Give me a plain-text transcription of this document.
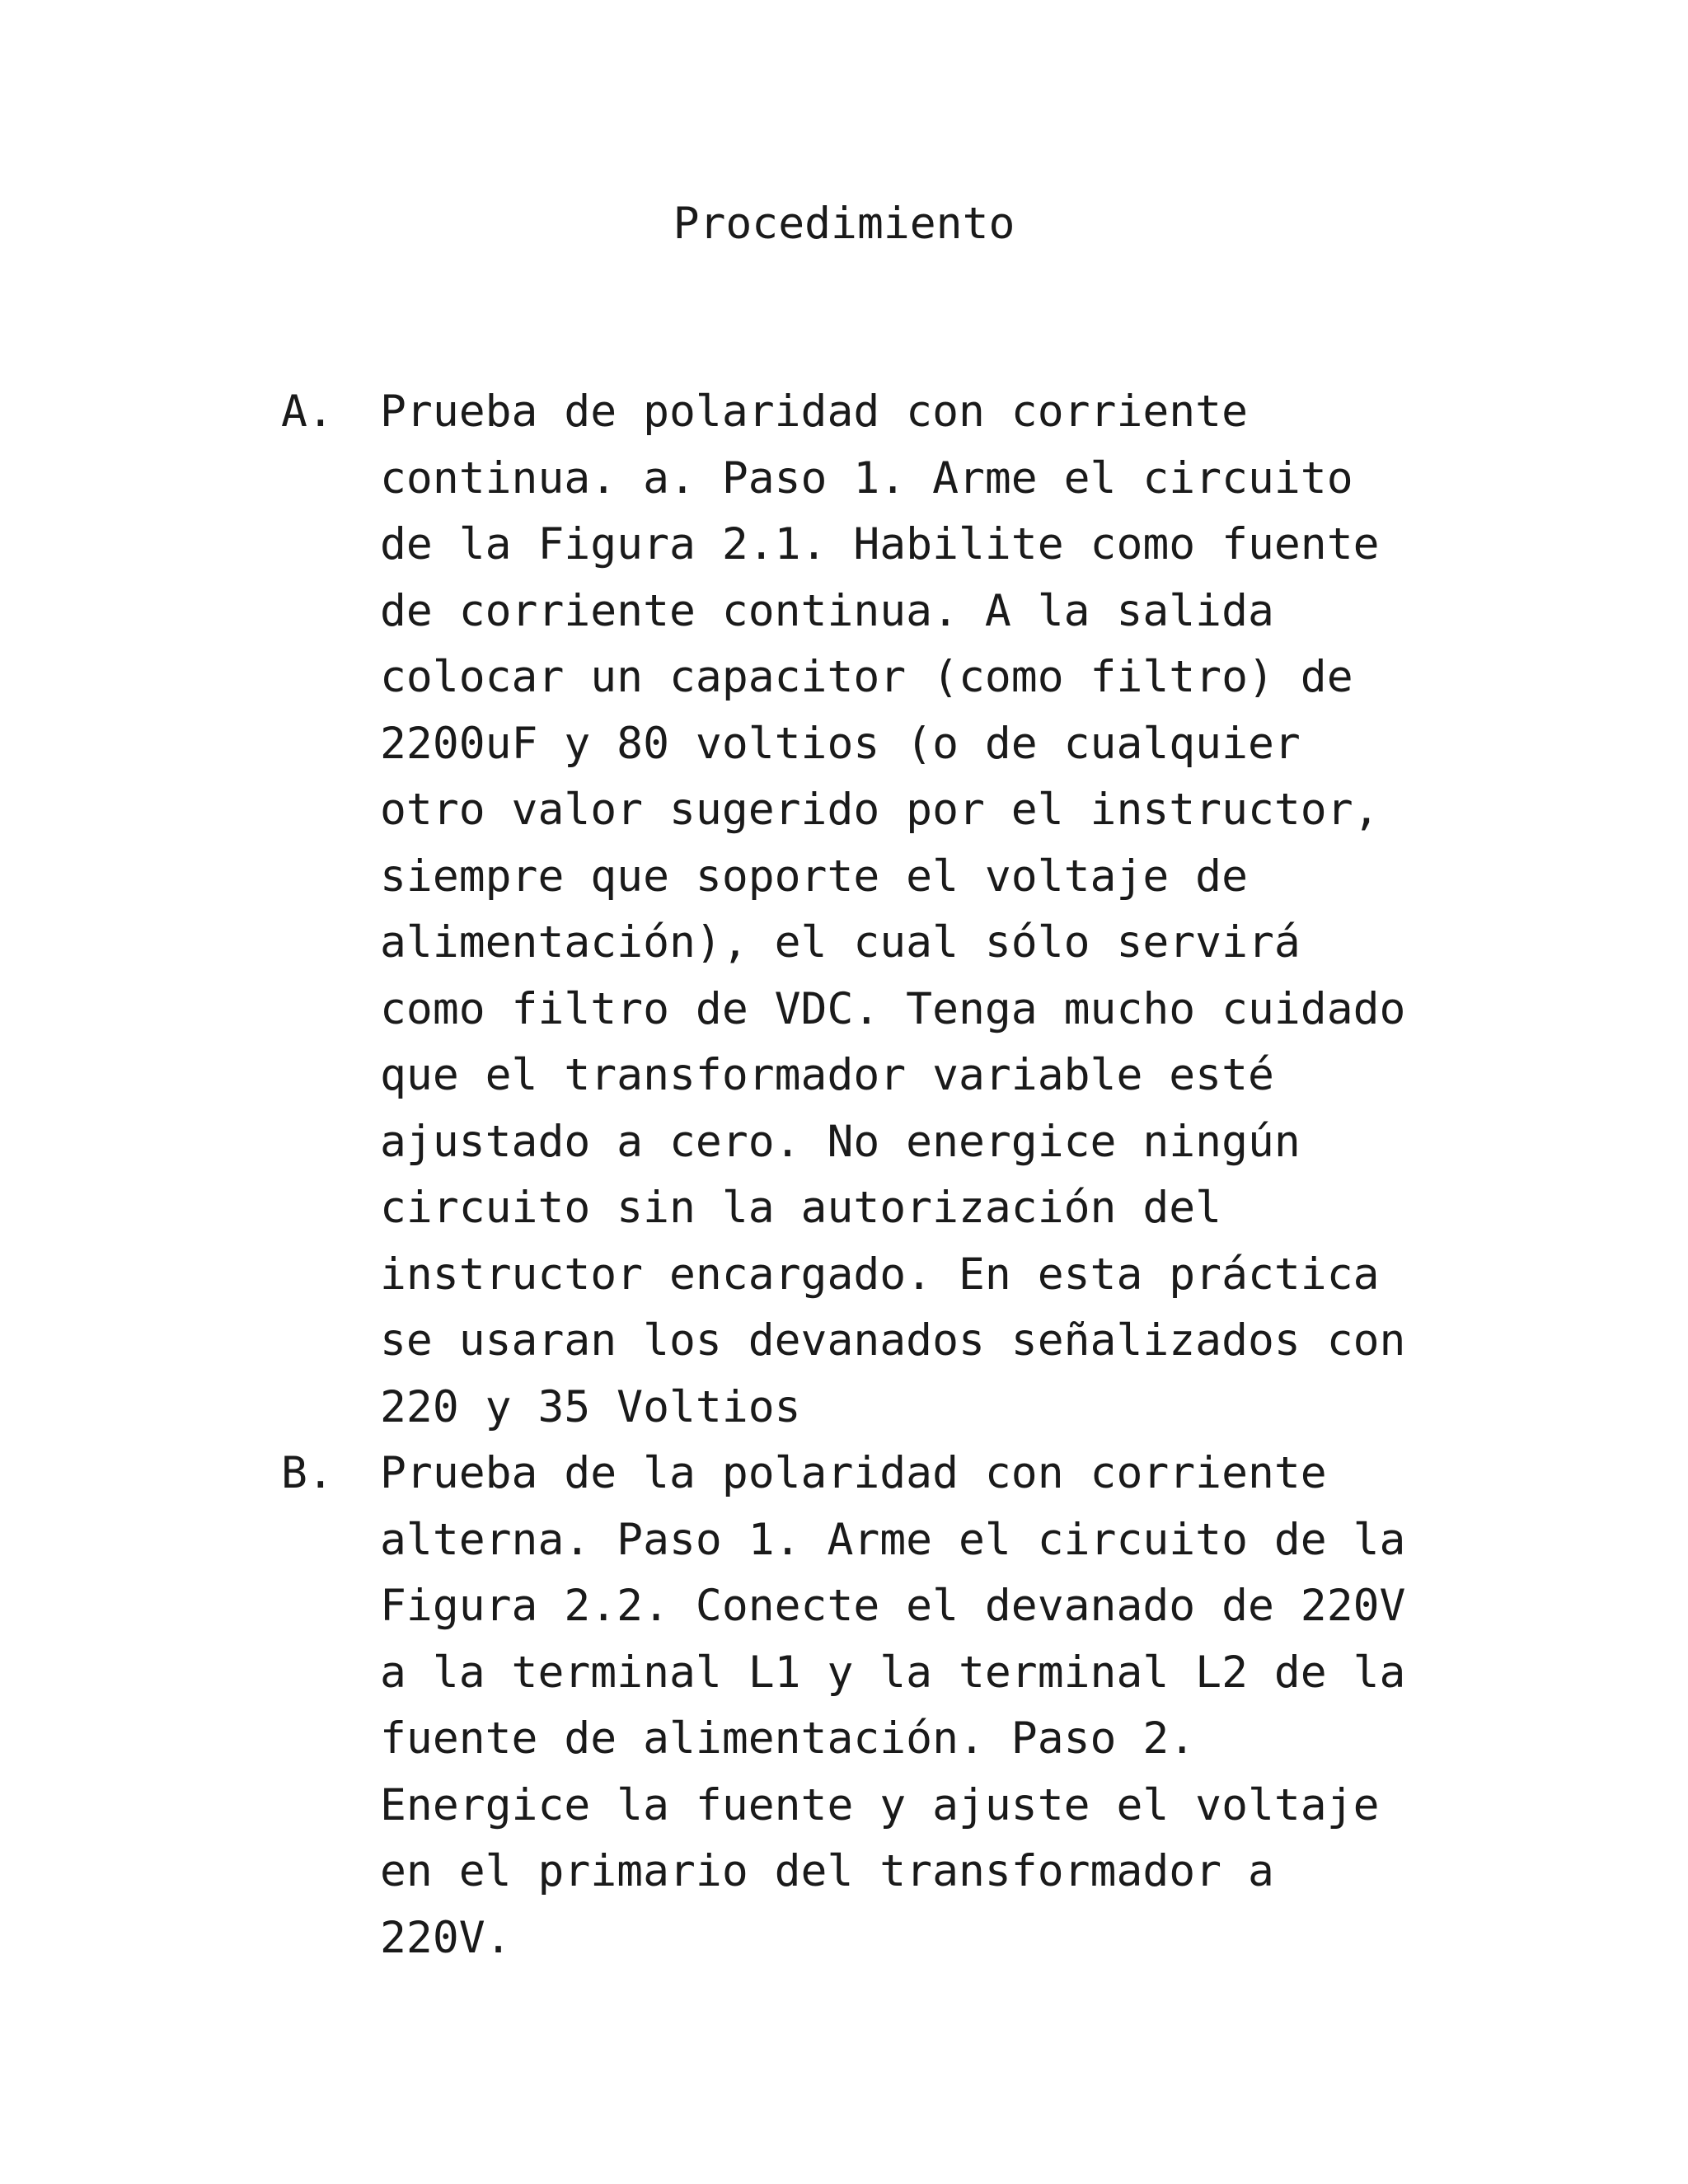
Procedimiento
A. Prueba de polaridad con corriente
continua. a. Paso 1. Arme el circuito
de la Figura 2.1. Habilite como fuente
de corriente continua. A la salida
colocar un capacitor (como filtro) de
2200uF y 80 voltios (o de cualquier
otro valor sugerido por el instructor,
siempre que soporte el voltaje de
alimentación), el cual sólo servirá
como filtro de VDC. Tenga mucho cuidado
que el transformador variable esté
ajustado a cero. No energice ningún
circuito sin la autorización del
instructor encargado. En esta práctica
se usaran los devanados señalizados con
220 y 35 Voltios
B. Prueba de la polaridad con corriente
alterna. Paso 1. Arme el circuito de la
Figura 2.2. Conecte el devanado de 220V
a la terminal L1 y la terminal L2 de la
fuente de alimentación. Paso 2.
Energice la fuente y ajuste el voltaje
en el primario del transformador a
220V.
